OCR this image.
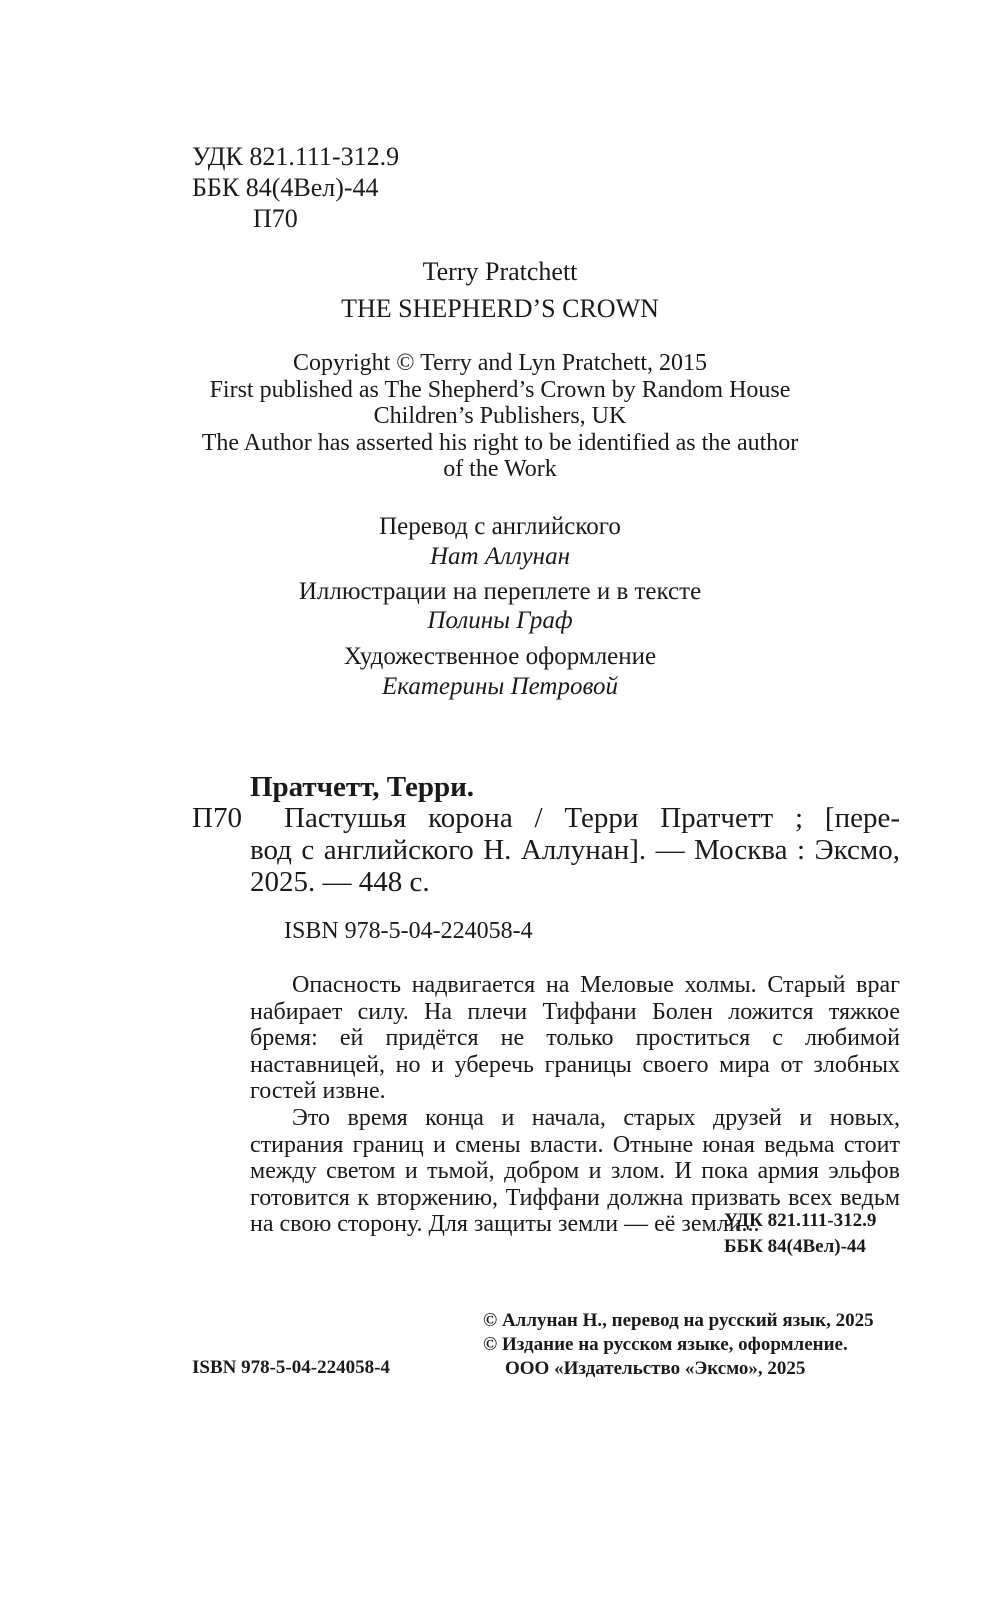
УДК 821.111-312.9
ББК 84(4Вел)-44
П70
Terry Pratchett
THE SHEPHERD’S CROWN
Copyright © Terry and Lyn Pratchett, 2015
First published as The Shepherd’s Crown by Random House
Children’s Publishers, UK
The Author has asserted his right to be identified as the author
of the Work
Перевод с английского
Нат Аллунан
Иллюстрации на переплете и в тексте
Полины Граф
Художественное оформление
Екатерины Петровой
Пратчетт, Терри.
П70 Пастушья корона / Терри Пратчетт ; [пере-
вод с английского Н. Аллунан]. — Москва : Эксмо,
2025. — 448 с.
ISBN 978-5-04-224058-4
Опасность надвигается на Меловые холмы. Старый враг набирает силу. На плечи Тиффани Болен ложится тяжкое бремя: ей придётся не только проститься с любимой наставницей, но и уберечь границы своего мира от злобных гостей извне.
Это время конца и начала, старых друзей и новых, стирания границ и смены власти. Отныне юная ведьма стоит между светом и тьмой, добром и злом. И пока армия эльфов готовится к вторжению, Тиффани должна призвать всех ведьм на свою сторону. Для защиты земли — её земли...
УДК 821.111-312.9
ББК 84(4Вел)-44
ISBN 978-5-04-224058-4
© Аллунан Н., перевод на русский язык, 2025
© Издание на русском языке, оформление.
ООО «Издательство «Эксмо», 2025
